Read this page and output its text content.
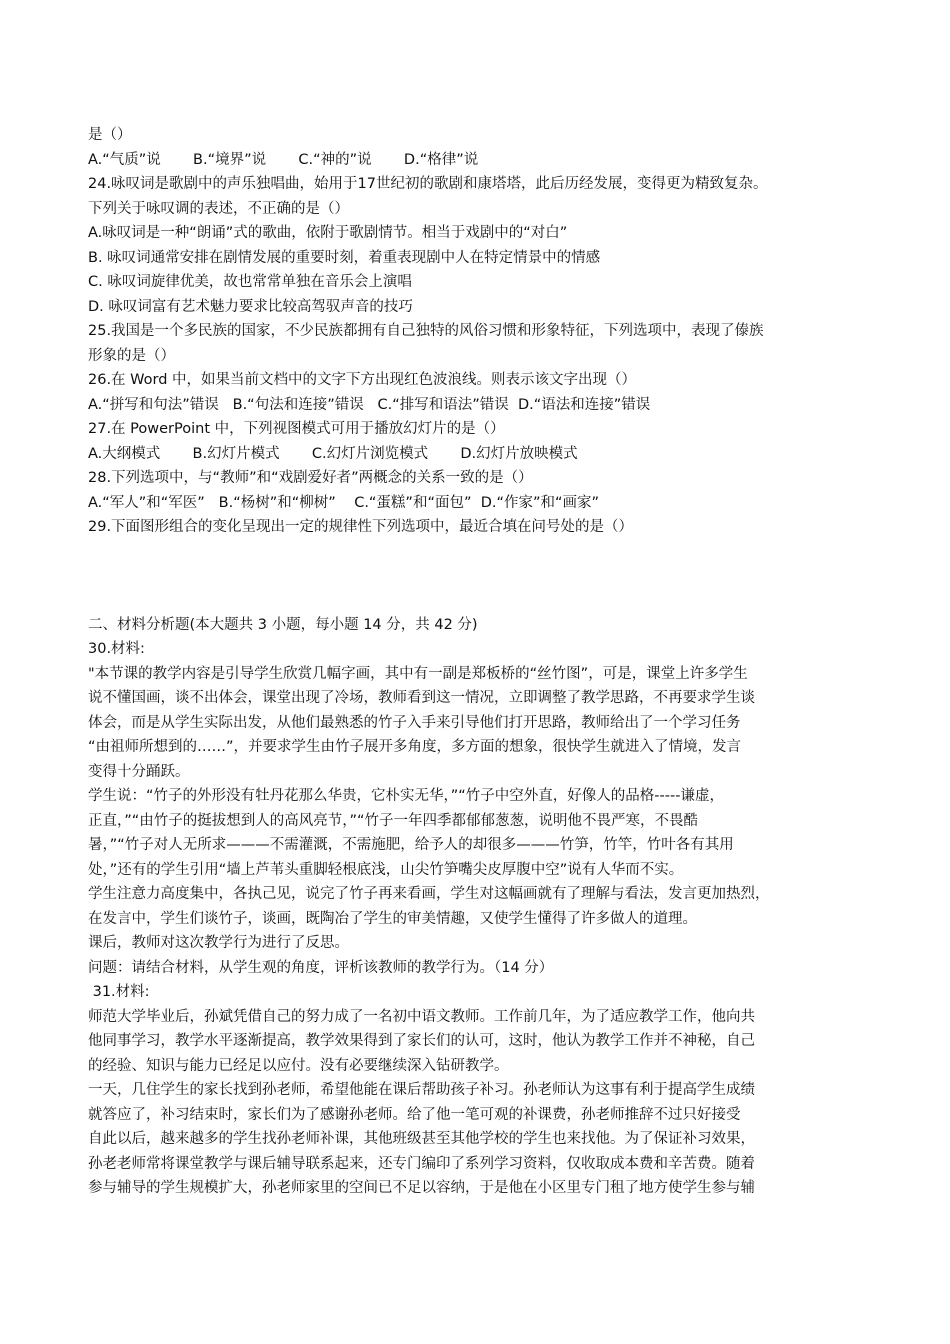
是（）
A.“气质”说       B.“境界”说       C.“神的”说       D.“格律”说
24.咏叹词是歌剧中的声乐独唱曲，始用于17世纪初的歌剧和康塔塔，此后历经发展，变得更为精致复杂。
下列关于咏叹调的表述，不正确的是（）
A.咏叹词是一种“朗诵”式的歌曲，依附于歌剧情节。相当于戏剧中的“对白”
B. 咏叹词通常安排在剧情发展的重要时刻，着重表现剧中人在特定情景中的情感
C. 咏叹词旋律优美，故也常常单独在音乐会上演唱
D. 咏叹词富有艺术魅力要求比较高驾驭声音的技巧
25.我国是一个多民族的国家，不少民族都拥有自己独特的风俗习惯和形象特征，下列选项中，表现了傣族
形象的是（）
26.在 Word 中，如果当前文档中的文字下方出现红色波浪线。则表示该文字出现（）
A.“拼写和句法”错误   B.“句法和连接”错误   C.“排写和语法”错误  D.“语法和连接”错误
27.在 PowerPoint 中，下列视图模式可用于播放幻灯片的是（）
A.大纲模式       B.幻灯片模式       C.幻灯片浏览模式       D.幻灯片放映模式
28.下列选项中，与“教师”和“戏剧爱好者”两概念的关系一致的是（）
A.“军人”和“军医”   B.“杨树”和“柳树”    C.“蛋糕”和“面包”  D.“作家”和“画家”
29.下面图形组合的变化呈现出一定的规律性下列选项中，最近合填在问号处的是（）
二、材料分析题(本大题共 3 小题，每小题 14 分，共 42 分)
30.材料:
"本节课的教学内容是引导学生欣赏几幅字画，其中有一副是郑板桥的“丝竹图”，可是，课堂上许多学生
说不懂国画，谈不出体会，课堂出现了冷场，教师看到这一情况，立即调整了教学思路，不再要求学生谈
体会，而是从学生实际出发，从他们最熟悉的竹子入手来引导他们打开思路，教师给出了一个学习任务
“由祖师所想到的……”，并要求学生由竹子展开多角度，多方面的想象，很快学生就进入了情境，发言
变得十分踊跃。
学生说：“竹子的外形没有牡丹花那么华贵，它朴实无华，”“竹子中空外直，好像人的品格-----谦虚，
正直，”“由竹子的挺拔想到人的高风亮节，”“竹子一年四季都郁郁葱葱，说明他不畏严寒，不畏酷
暑，”“竹子对人无所求———不需灌溉，不需施肥，给予人的却很多———竹笋，竹竿，竹叶各有其用
处，”还有的学生引用“墙上芦苇头重脚轻根底浅，山尖竹笋嘴尖皮厚腹中空”说有人华而不实。
学生注意力高度集中，各执己见，说完了竹子再来看画，学生对这幅画就有了理解与看法，发言更加热烈，
在发言中，学生们谈竹子，谈画，既陶冶了学生的审美情趣，又使学生懂得了许多做人的道理。
课后，教师对这次教学行为进行了反思。
问题：请结合材料，从学生观的角度，评析该教师的教学行为。（14 分）
31.材料:
师范大学毕业后，孙斌凭借自己的努力成了一名初中语文教师。工作前几年，为了适应教学工作，他向共
他同事学习，教学水平逐渐提高，教学效果得到了家长们的认可，这时，他认为教学工作并不神秘，自己
的经验、知识与能力已经足以应付。没有必要继续深入钻研教学。
一天，几住学生的家长找到孙老师，希望他能在课后帮助孩子补习。孙老师认为这事有利于提高学生成绩
就答应了，补习结束时，家长们为了感谢孙老师。给了他一笔可观的补课费，孙老师推辞不过只好接受
自此以后，越来越多的学生找孙老师补课，其他班级甚至其他学校的学生也来找他。为了保证补习效果，
孙老老师常将课堂教学与课后辅导联系起来，还专门编印了系列学习资料，仅收取成本费和辛苦费。随着
参与辅导的学生规模扩大，孙老师家里的空间已不足以容纳，于是他在小区里专门租了地方使学生参与辅
